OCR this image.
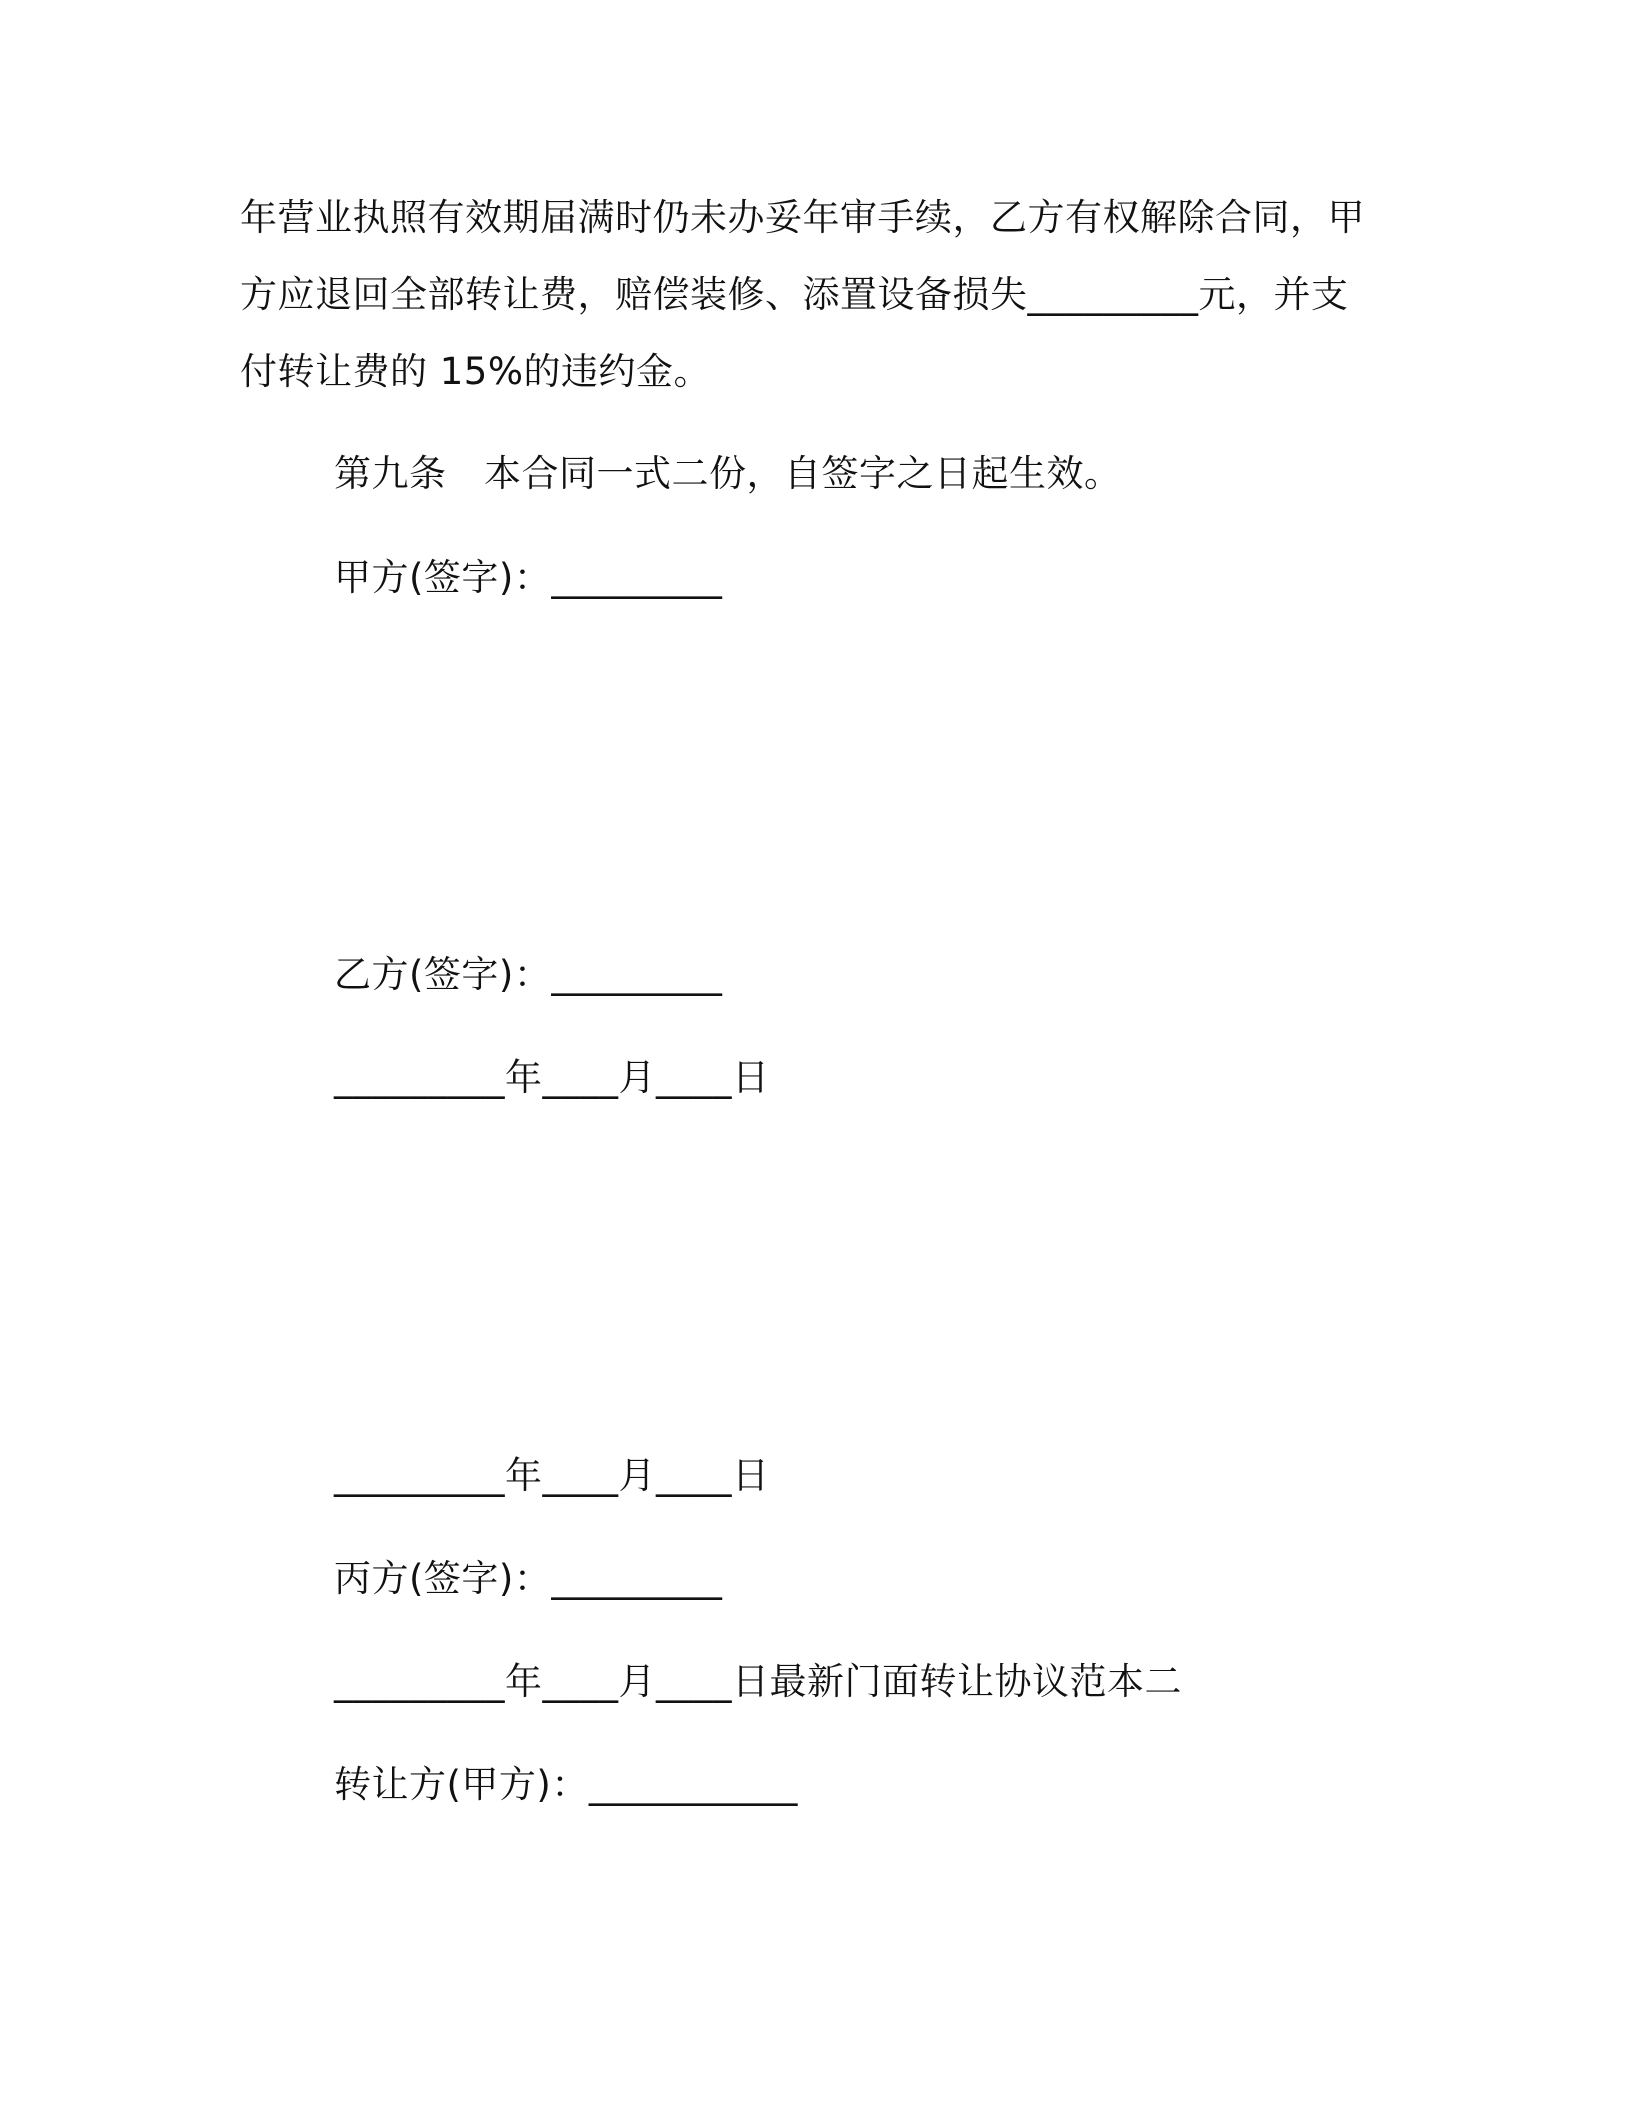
年营业执照有效期届满时仍未办妥年审手续，乙方有权解除合同，甲
方应退回全部转让费，赔偿装修、添置设备损失_________元，并支
付转让费的 15%的违约金。
第九条　本合同一式二份，自签字之日起生效。
甲方(签字)：_________
乙方(签字)：_________
_________年____月____日
_________年____月____日
丙方(签字)：_________
_________年____月____日最新门面转让协议范本二
转让方(甲方)：___________
